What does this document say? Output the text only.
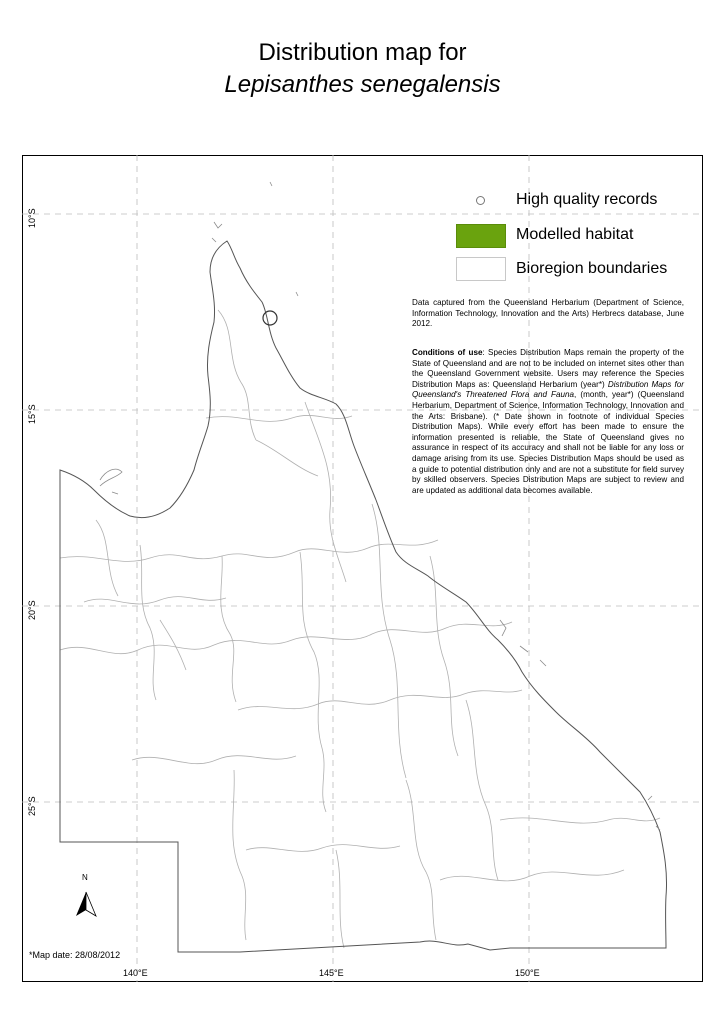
Distribution map for
Lepisanthes senegalensis
N
10°S
15°S
20°S
25°S
140°E	145°E	150°E
High quality records
Modelled habitat
Bioregion boundaries
Data captured from the Queensland Herbarium (Department of Science, Information Technology, Innovation and the Arts) Herbrecs database, June 2012.
Conditions of use: Species Distribution Maps remain the property of the State of Queensland and are not to be included on internet sites other than the Queensland Government website. Users may reference the Species Distribution Maps as: Queensland Herbarium (year*) Distribution Maps for Queensland's Threatened Flora and Fauna, (month, year*) (Queensland Herbarium, Department of Science, Information Technology, Innovation and the Arts: Brisbane). (* Date shown in footnote of individual Species Distribution Maps). While every effort has been made to ensure the information presented is reliable, the State of Queensland gives no assurance in respect of its accuracy and shall not be liable for any loss or damage arising from its use. Species Distribution Maps should be used as a guide to potential distribution only and are not a substitute for field survey by skilled observers. Species Distribution Maps are subject to review and are updated as additional data becomes available.
*Map date: 28/08/2012
